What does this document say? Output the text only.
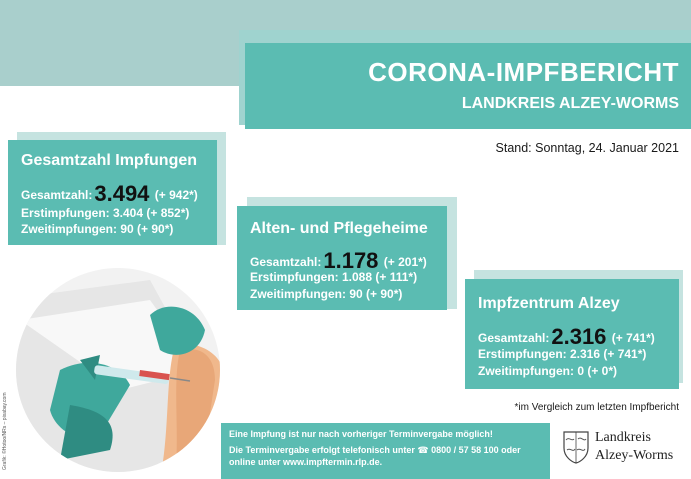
CORONA-IMPFBERICHT
LANDKREIS ALZEY-WORMS
Stand: Sonntag, 24. Januar 2021
Gesamtzahl Impfungen
Gesamtzahl:3.494 (+ 942*)
Erstimpfungen: 3.404 (+ 852*)
Zweitimpfungen: 90 (+ 90*)	Alten- und Pflegeheime
Gesamtzahl:1.178 (+ 201*)
Erstimpfungen: 1.088 (+ 111*)
Zweitimpfungen: 90 (+ 90*)
Impfzentrum Alzey
Gesamtzahl:2.316 (+ 741*)
Erstimpfungen: 2.316 (+ 741*)
Zweitimpfungen: 0 (+ 0*)
*im Vergleich zum letzten Impfbericht
Grafik: ©Hotoo/NRs – pixabay.com	Eine Impfung ist nur nach vorheriger Terminvergabe möglich!
Die Terminvergabe erfolgt telefonisch unter ☎ 0800 / 57 58 100 oder
online unter www.impftermin.rlp.de.
Landkreis
Alzey-Worms
